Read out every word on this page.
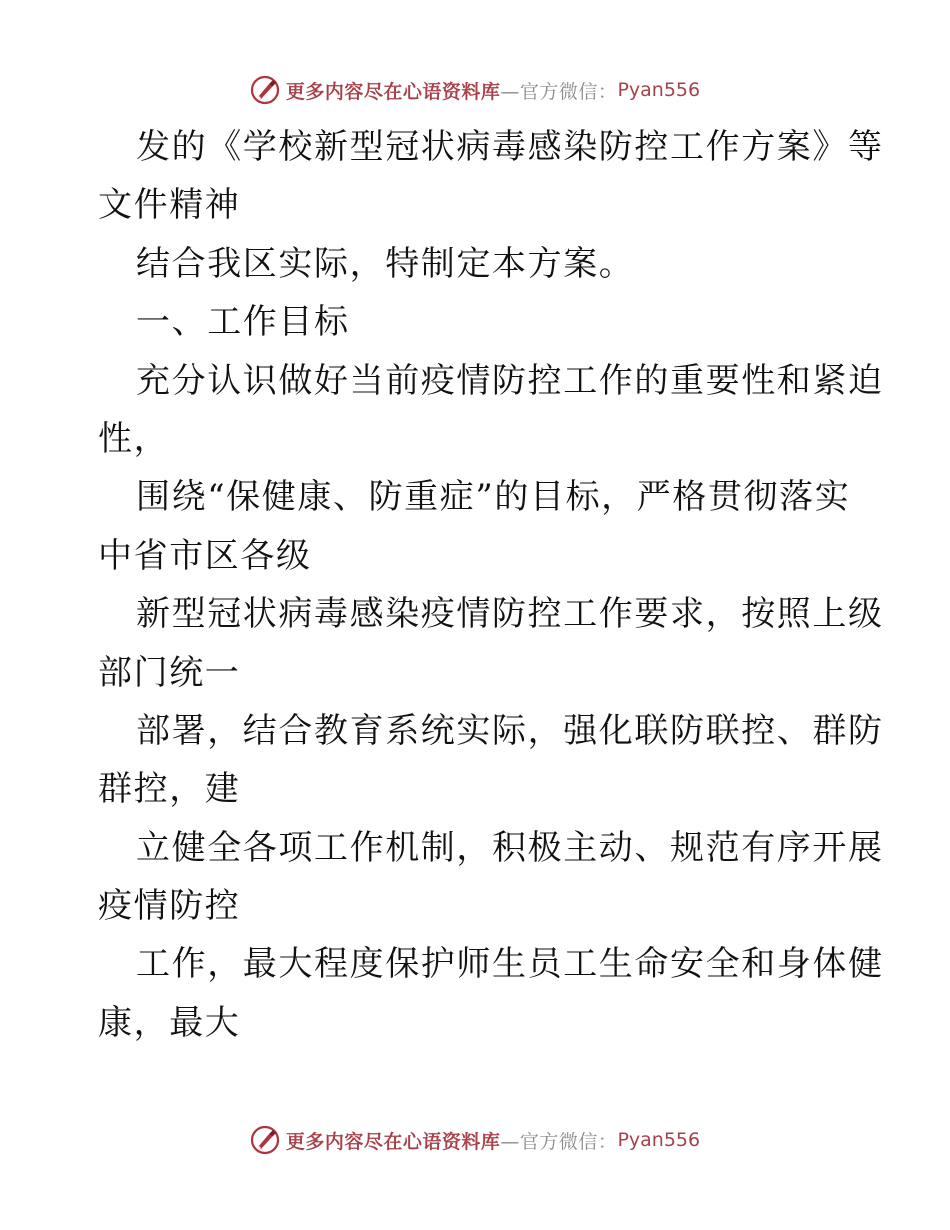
更多内容尽在心语资料库 —官方微信： Pyan556
发的《学校新型冠状病毒感染防控工作方案》等
文件精神
结合我区实际，特制定本方案。
一、工作目标
充分认识做好当前疫情防控工作的重要性和紧迫
性，
围绕“保健康、防重症”的目标，严格贯彻落实
中省市区各级
新型冠状病毒感染疫情防控工作要求，按照上级
部门统一
部署，结合教育系统实际，强化联防联控、群防
群控，建
立健全各项工作机制，积极主动、规范有序开展
疫情防控
工作，最大程度保护师生员工生命安全和身体健
康，最大
更多内容尽在心语资料库 —官方微信： Pyan556
